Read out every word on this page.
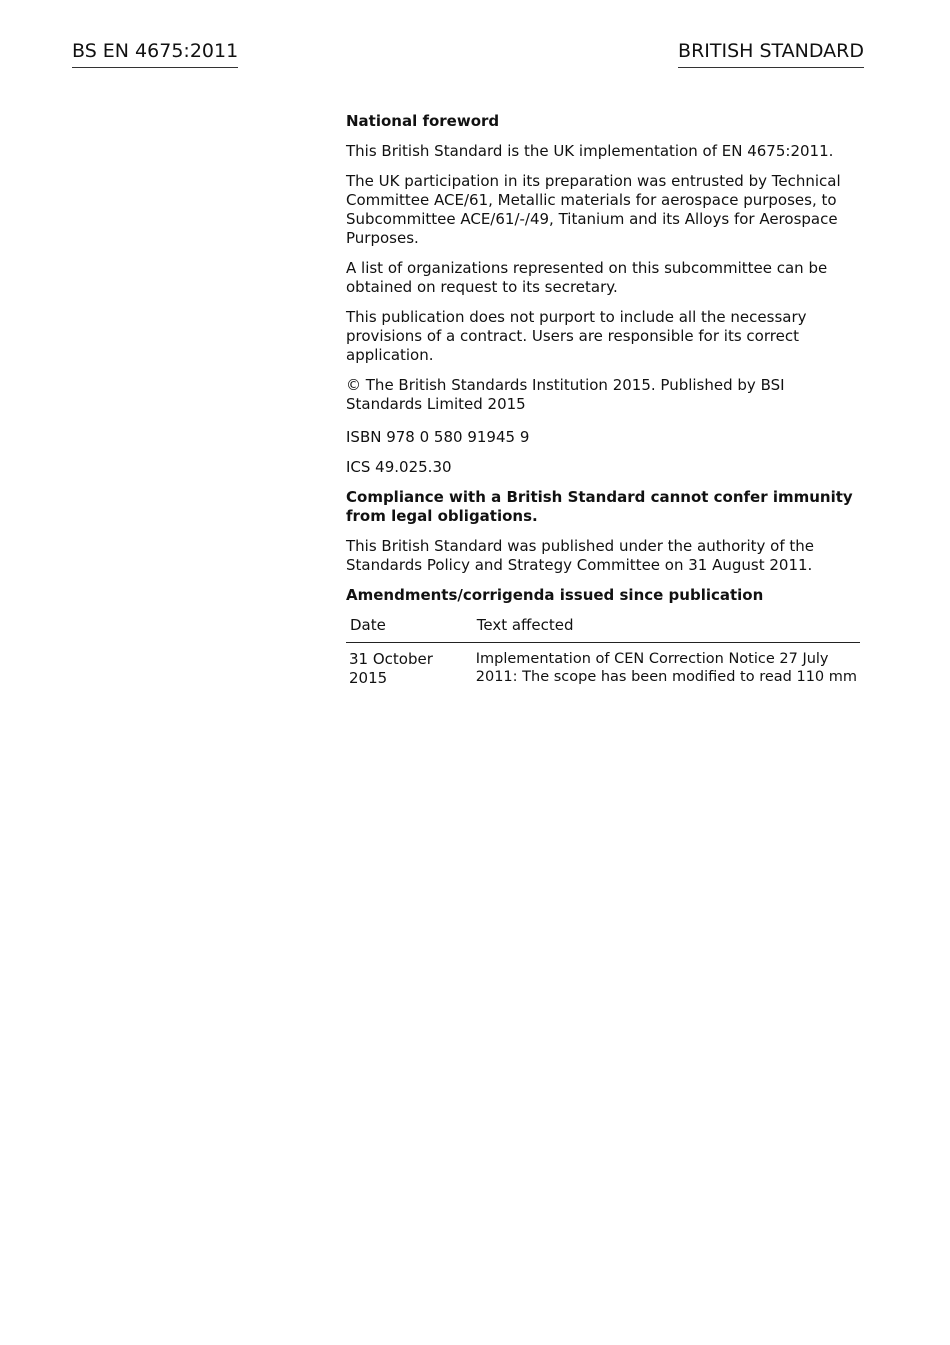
BS EN 4675:2011	BRITISH STANDARD

National foreword

This British Standard is the UK implementation of EN 4675:2011.

The UK participation in its preparation was entrusted by Technical Committee ACE/61, Metallic materials for aerospace purposes, to Subcommittee ACE/61/-/49, Titanium and its Alloys for Aerospace Purposes.

A list of organizations represented on this subcommittee can be obtained on request to its secretary.

This publication does not purport to include all the necessary provisions of a contract. Users are responsible for its correct application.

© The British Standards Institution 2015. Published by BSI Standards Limited 2015

ISBN 978 0 580 91945 9

ICS 49.025.30

Compliance with a British Standard cannot confer immunity from legal obligations.

This British Standard was published under the authority of the Standards Policy and Strategy Committee on 31 August 2011.

Amendments/corrigenda issued since publication
Date	Text affected
31 October 2015	Implementation of CEN Correction Notice 27 July
2011: The scope has been modified to read 110 mm
